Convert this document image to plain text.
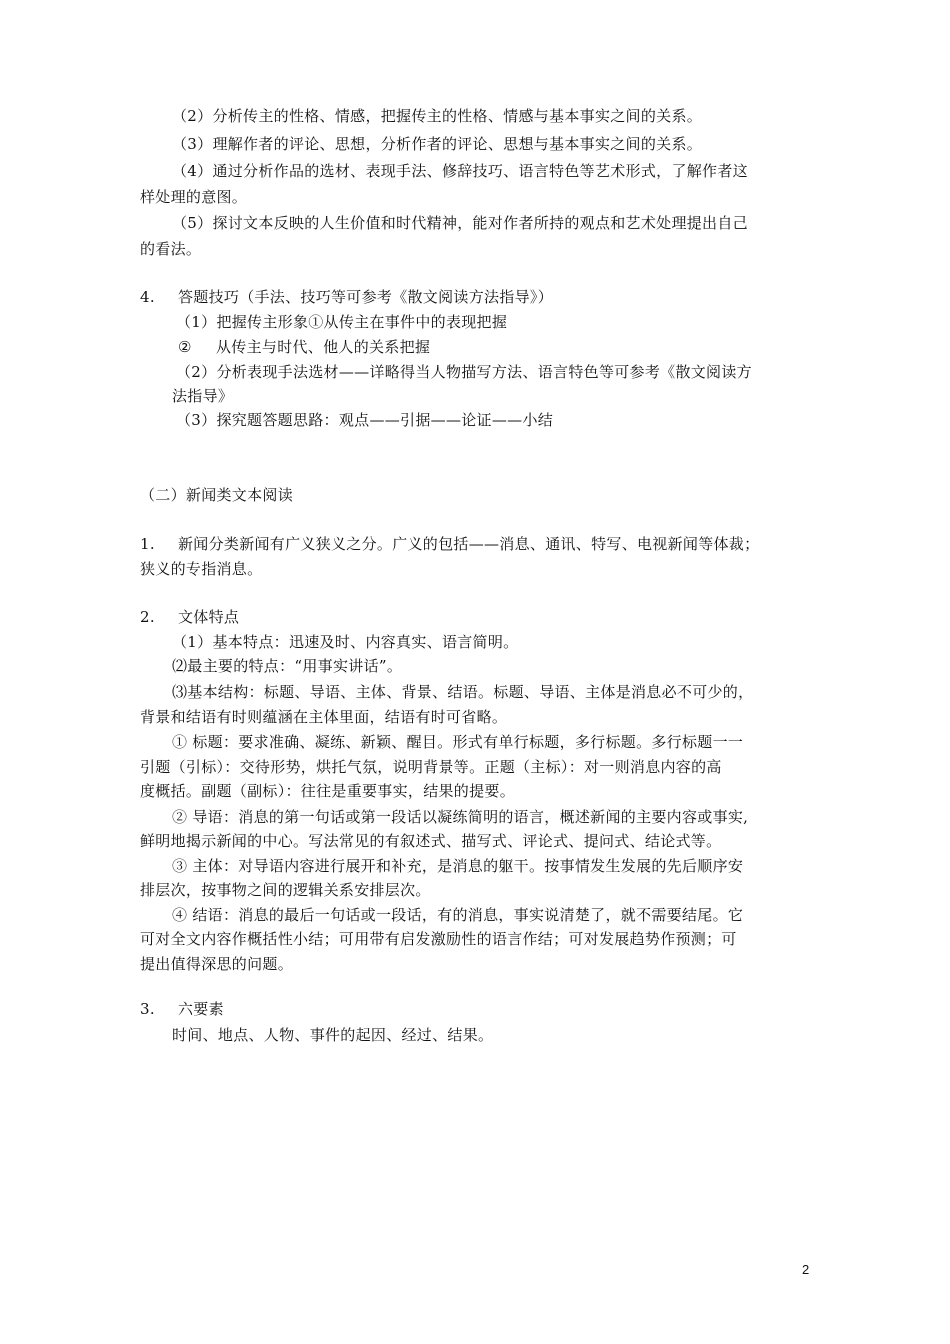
（2）分析传主的性格、情感，把握传主的性格、情感与基本事实之间的关系。
（3）理解作者的评论、思想，分析作者的评论、思想与基本事实之间的关系。
（4）通过分析作品的选材、表现手法、修辞技巧、语言特色等艺术形式，了解作者这
样处理的意图。
（5）探讨文本反映的人生价值和时代精神，能对作者所持的观点和艺术处理提出自己
的看法。
4. 答题技巧（手法、技巧等可参考《散文阅读方法指导》）
（1）把握传主形象①从传主在事件中的表现把握
② 从传主与时代、他人的关系把握
（2）分析表现手法选材——详略得当人物描写方法、语言特色等可参考《散文阅读方
法指导》
（3）探究题答题思路：观点——引据——论证——小结
（二）新闻类文本阅读
1. 新闻分类新闻有广义狭义之分。广义的包括——消息、通讯、特写、电视新闻等体裁；
狭义的专指消息。
2. 文体特点
（1）基本特点：迅速及时、内容真实、语言简明。
⑵最主要的特点：“用事实讲话”。
⑶基本结构：标题、导语、主体、背景、结语。标题、导语、主体是消息必不可少的，
背景和结语有时则蕴涵在主体里面，结语有时可省略。
① 标题：要求准确、凝练、新颖、醒目。形式有单行标题，多行标题。多行标题一一
引题（引标）：交待形势，烘托气氛，说明背景等。正题（主标）：对一则消息内容的高
度概括。副题（副标）：往往是重要事实，结果的提要。
② 导语：消息的第一句话或第一段话以凝练简明的语言，概述新闻的主要内容或事实,
鲜明地揭示新闻的中心。写法常见的有叙述式、描写式、评论式、提问式、结论式等。
③ 主体：对导语内容进行展开和补充，是消息的躯干。按事情发生发展的先后顺序安
排层次，按事物之间的逻辑关系安排层次。
④ 结语：消息的最后一句话或一段话，有的消息，事实说清楚了，就不需要结尾。它
可对全文内容作概括性小结；可用带有启发激励性的语言作结；可对发展趋势作预测；可
提出值得深思的问题。
3. 六要素
时间、地点、人物、事件的起因、经过、结果。
2
